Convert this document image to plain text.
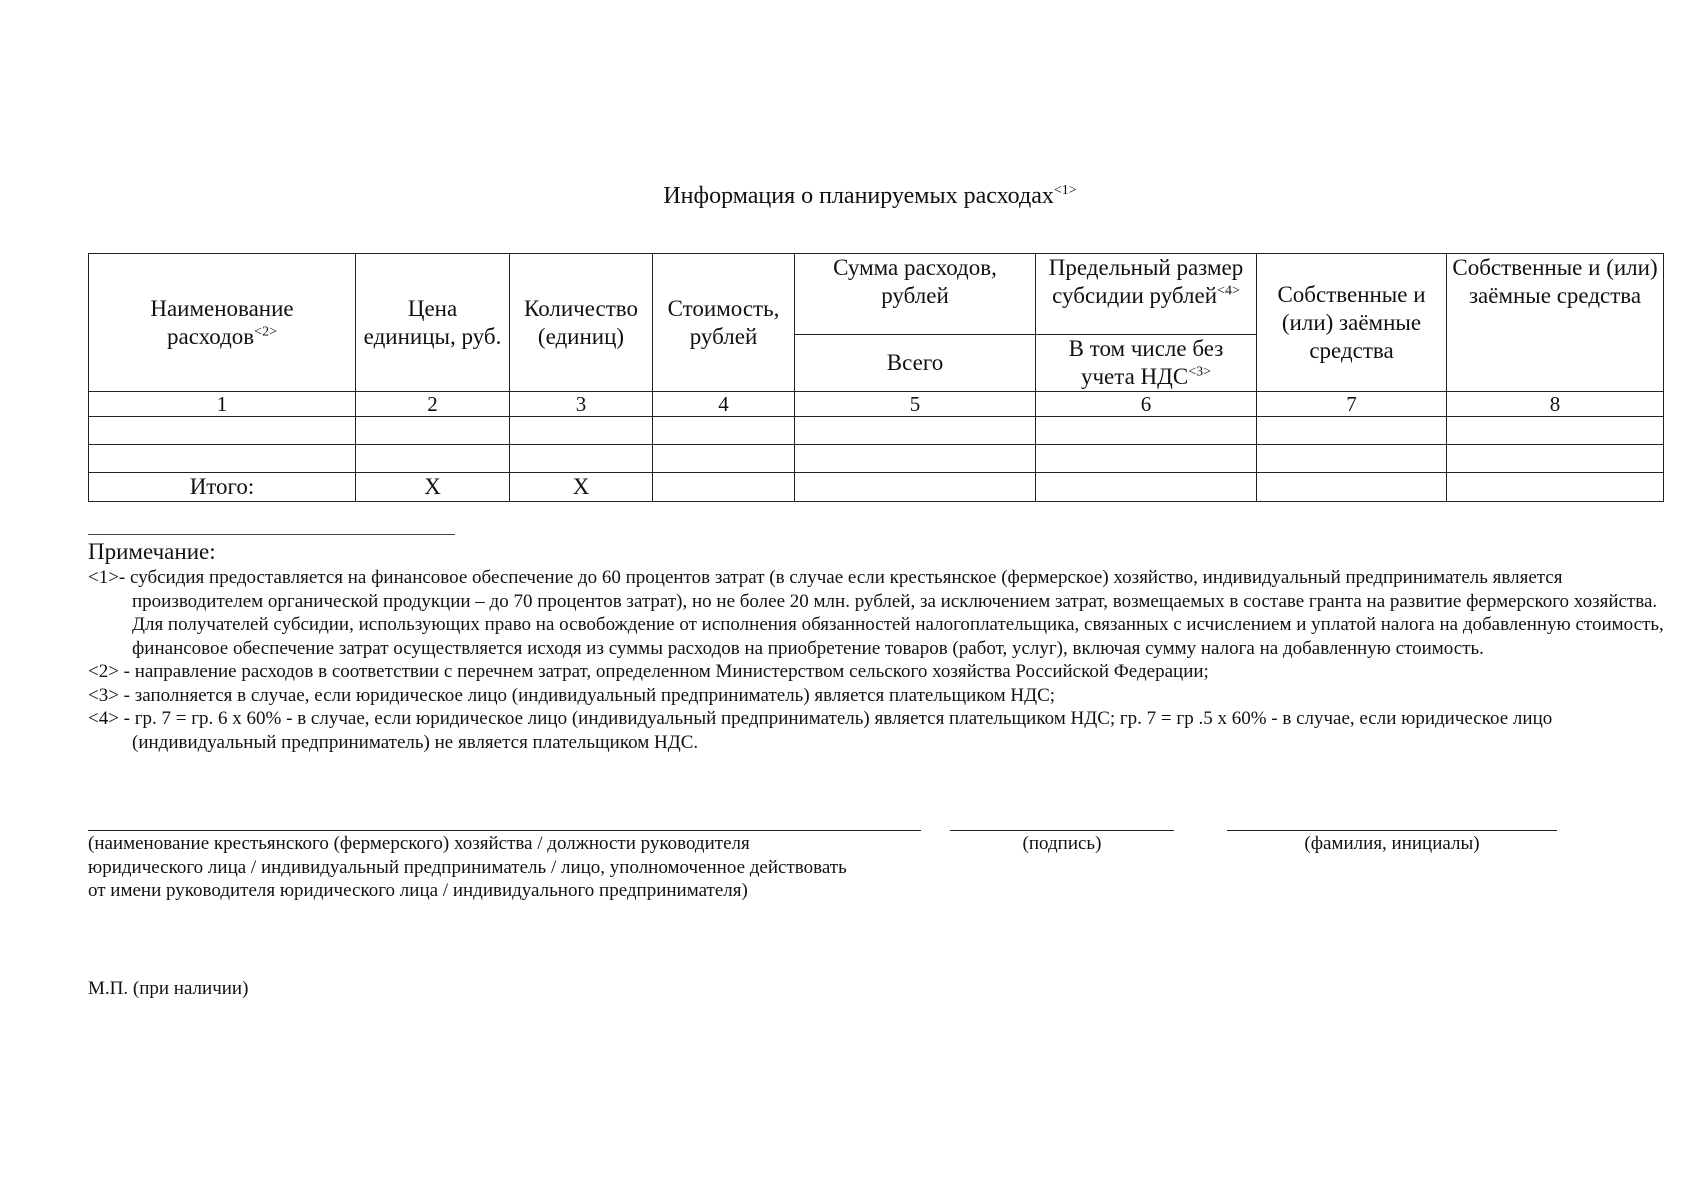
Информация о планируемых расходах$^{<1>}$
Наименование расходов$^{<2>}$	Цена единицы, руб.	Количество (единиц)	Стоимость, рублей	Сумма расходов, рублей	Предельный размер субсидии рублей$^{<4>}$	Собственные и (или) заёмные средства	Собственные и (или) заёмные средства
				Всего	В том числе без учета $НДС^{<3>}$
1	2	3	4	5	6	7	8

Итого:	Х	Х					
Примечание:
<1>- субсидия предоставляется на финансовое обеспечение до 60 процентов затрат (в случае если крестьянское (фермерское) хозяйство, индивидуальный предприниматель является производителем органической продукции – до 70 процентов затрат), но не более 20 млн. рублей, за исключением затрат, возмещаемых в составе гранта на развитие фермерского хозяйства. Для получателей субсидии, использующих право на освобождение от исполнения обязанностей налогоплательщика, связанных с исчислением и уплатой налога на добавленную стоимость, финансовое обеспечение затрат осуществляется исходя из суммы расходов на приобретение товаров (работ, услуг), включая сумму налога на добавленную стоимость.
<2> - направление расходов в соответствии с перечнем затрат, определенном Министерством сельского хозяйства Российской Федерации;
<3> - заполняется в случае, если юридическое лицо (индивидуальный предприниматель) является плательщиком НДС;
<4> - гр. 7 = гр. 6 х 60% - в случае, если юридическое лицо (индивидуальный предприниматель) является плательщиком НДС; гр. 7 = гр .5 х 60% - в случае, если юридическое лицо (индивидуальный предприниматель) не является плательщиком НДС.
(наименование крестьянского (фермерского) хозяйства / должности руководителя
юридического лица / индивидуальный предприниматель / лицо, уполномоченное действовать
от имени руководителя юридического лица / индивидуального предпринимателя)
(подпись)	(фамилия, инициалы)
М.П. (при наличии)
